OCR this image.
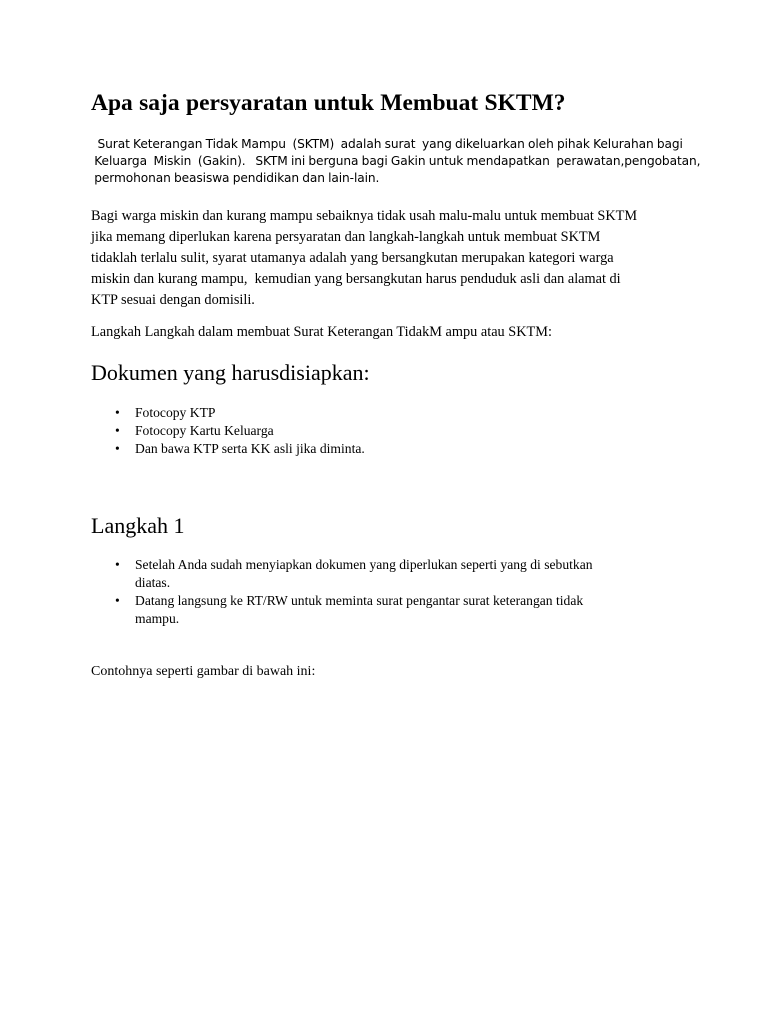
Apa saja persyaratan untuk Membuat SKTM?

Surat Keterangan Tidak Mampu  (SKTM)  adalah surat  yang dikeluarkan oleh pihak Kelurahan bagi
Keluarga  Miskin  (Gakin).   SKTM ini berguna bagi Gakin untuk mendapatkan  perawatan,pengobatan,
permohonan beasiswa pendidikan dan lain-lain.

Bagi warga miskin dan kurang mampu sebaiknya tidak usah malu-malu untuk membuat SKTM
jika memang diperlukan karena persyaratan dan langkah-langkah untuk membuat SKTM
tidaklah terlalu sulit, syarat utamanya adalah yang bersangkutan merupakan kategori warga
miskin dan kurang mampu,  kemudian yang bersangkutan harus penduduk asli dan alamat di
KTP sesuai dengan domisili.

Langkah Langkah dalam membuat Surat Keterangan TidakM ampu atau SKTM:

Dokumen yang harusdisiapkan:
• Fotocopy KTP
• Fotocopy Kartu Keluarga
• Dan bawa KTP serta KK asli jika diminta.
Langkah 1
• Setelah Anda sudah menyiapkan dokumen yang diperlukan seperti yang di sebutkan
diatas.
• Datang langsung ke RT/RW untuk meminta surat pengantar surat keterangan tidak
mampu.

Contohnya seperti gambar di bawah ini:
